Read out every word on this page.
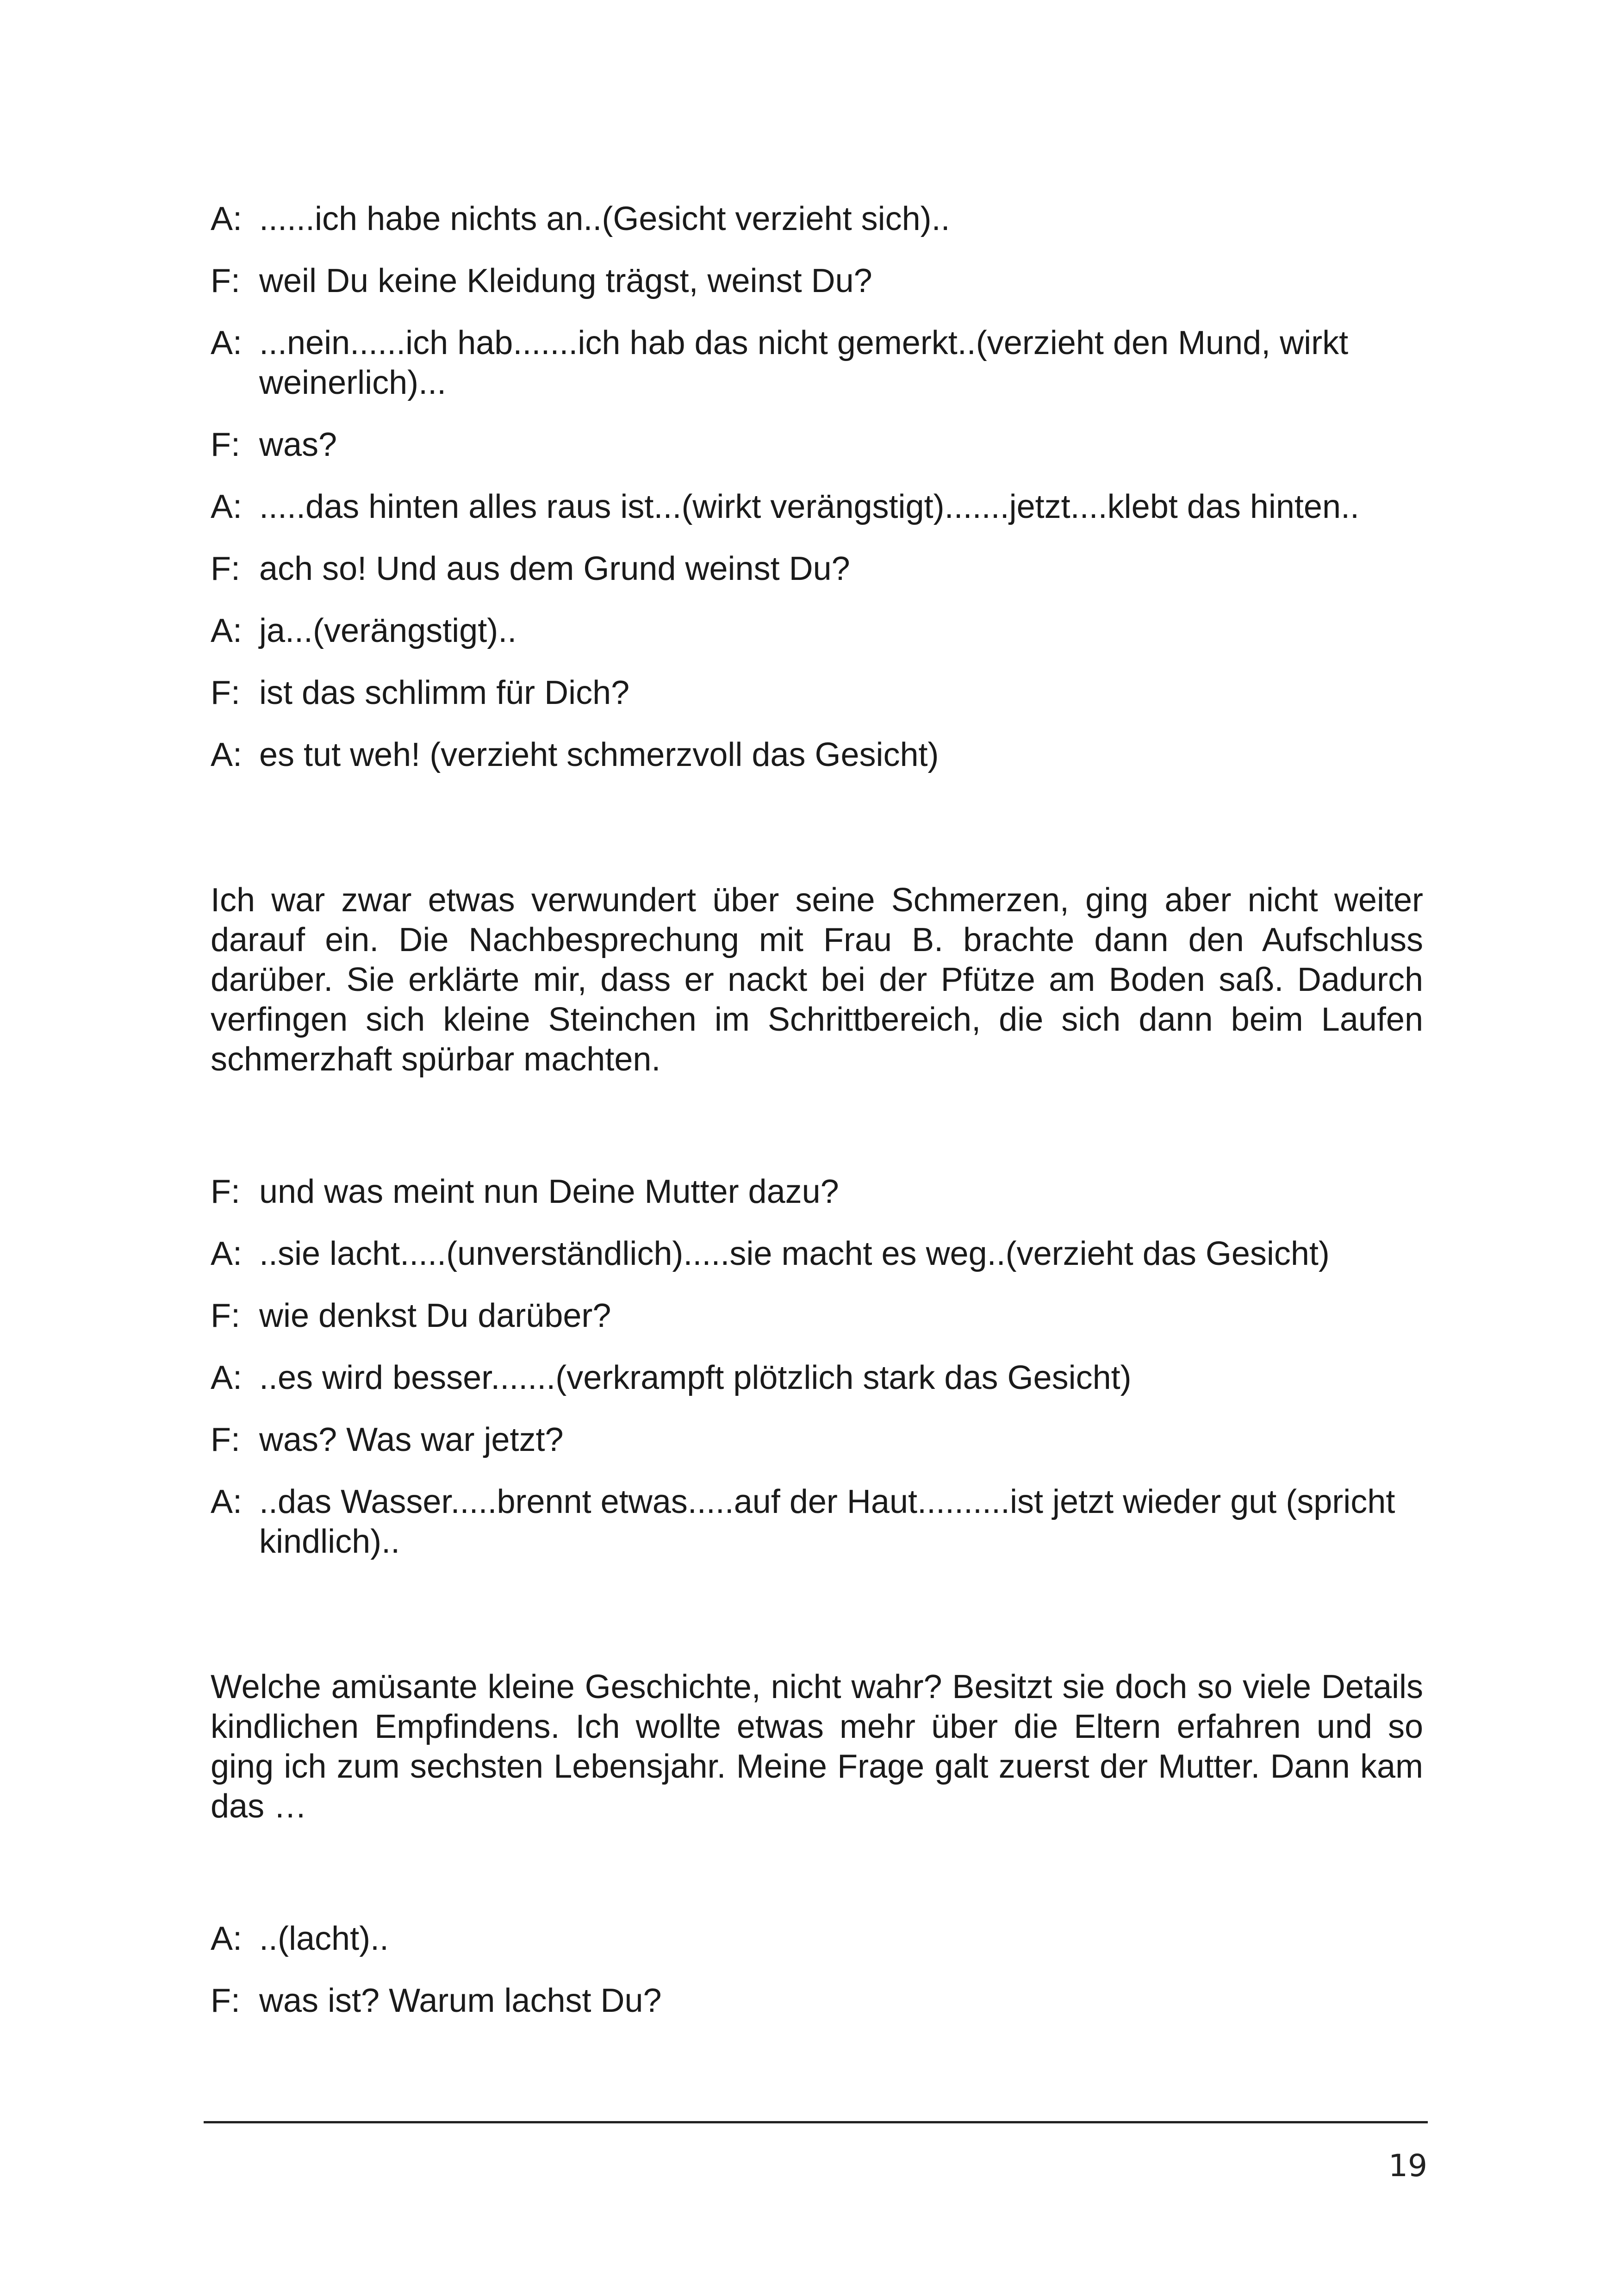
A: ......ich habe nichts an..(Gesicht verzieht sich)..

F: weil Du keine Kleidung trägst, weinst Du?

A: ...nein......ich hab.......ich hab das nicht gemerkt..(verzieht den Mund, wirkt weinerlich)...

F: was?

A: .....das hinten alles raus ist...(wirkt verängstigt).......jetzt....klebt das hinten..

F: ach so! Und aus dem Grund weinst Du?

A: ja...(verängstigt)..

F: ist das schlimm für Dich?

A: es tut weh! (verzieht schmerzvoll das Gesicht)

Ich war zwar etwas verwundert über seine Schmerzen, ging aber nicht weiter darauf ein. Die Nachbesprechung mit Frau B. brachte dann den Aufschluss darüber. Sie erklärte mir, dass er nackt bei der Pfütze am Boden saß. Dadurch verfingen sich kleine Steinchen im Schrittbereich, die sich dann beim Laufen schmerzhaft spürbar machten.

F: und was meint nun Deine Mutter dazu?

A: ..sie lacht.....(unverständlich).....sie macht es weg..(verzieht das Gesicht)

F: wie denkst Du darüber?

A: ..es wird besser.......(verkrampft plötzlich stark das Gesicht)

F: was? Was war jetzt?

A: ..das Wasser.....brennt etwas.....auf der Haut..........ist jetzt wieder gut (spricht kindlich)..

Welche amüsante kleine Geschichte, nicht wahr? Besitzt sie doch so viele Details kindlichen Empfindens. Ich wollte etwas mehr über die Eltern erfahren und so ging ich zum sechsten Lebensjahr. Meine Frage galt zuerst der Mutter. Dann kam das …

A: ..(lacht)..

F: was ist? Warum lachst Du?

19
